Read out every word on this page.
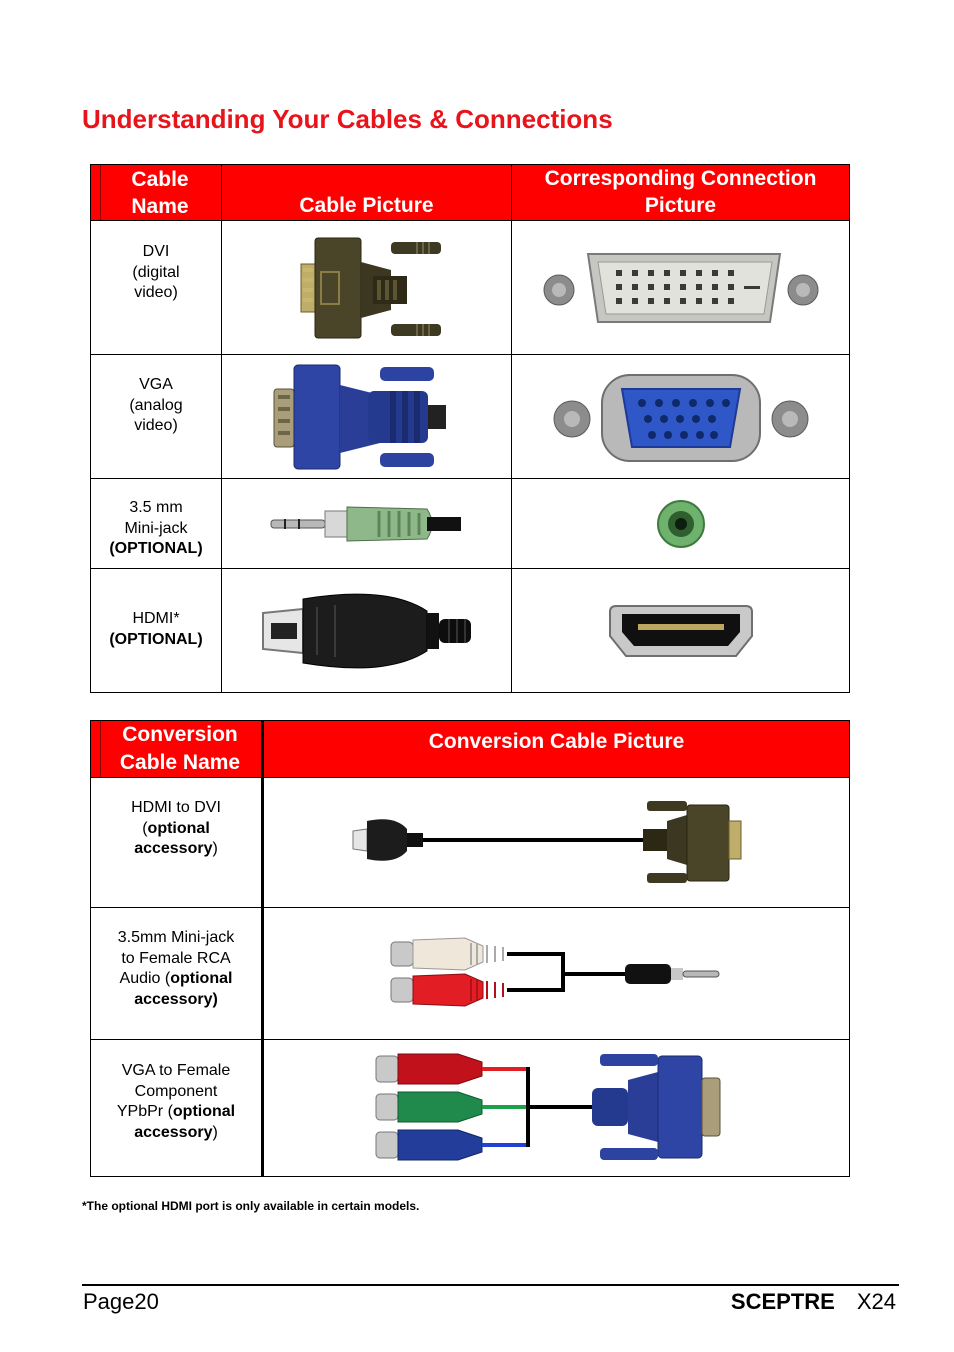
Understanding Your Cables & Connections
Cable Name	Cable Picture	Corresponding Connection Picture

DVI
(digital
video)

VGA
(analog
video)

3.5 mm
Mini-jack
(OPTIONAL)

HDMI*
(OPTIONAL)

Conversion Cable Name	Conversion Cable Picture

HDMI to DVI
(optional
accessory)

3.5mm Mini-jack
to Female RCA
Audio (optional
accessory)

VGA to Female
Component
YPbPr (optional
accessory)

*The optional HDMI port is only available in certain models.
Page20	SCEPTRE X24
